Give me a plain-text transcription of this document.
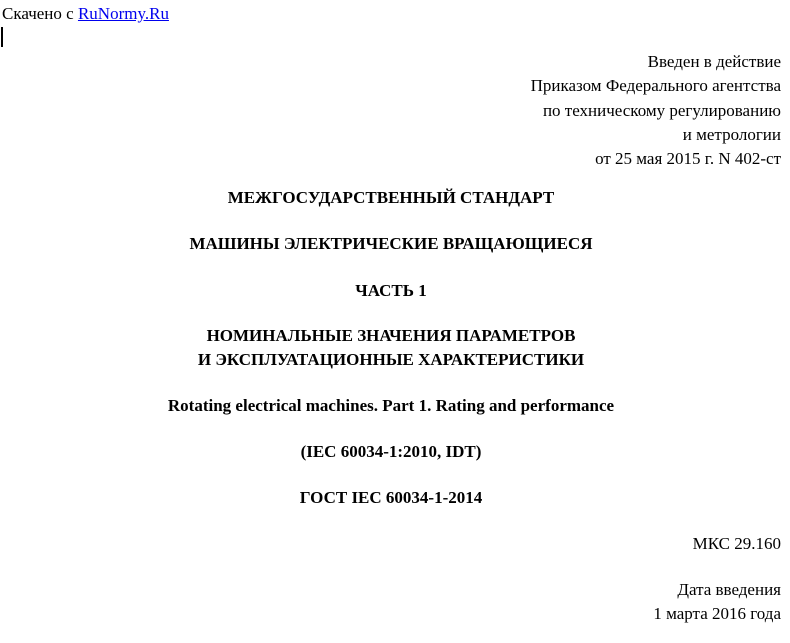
Скачено с RuNormy.Ru
Введен в действие
Приказом Федерального агентства
по техническому регулированию
и метрологии
от 25 мая 2015 г. N 402-ст
МЕЖГОСУДАРСТВЕННЫЙ СТАНДАРТ
МАШИНЫ ЭЛЕКТРИЧЕСКИЕ ВРАЩАЮЩИЕСЯ
ЧАСТЬ 1
НОМИНАЛЬНЫЕ ЗНАЧЕНИЯ ПАРАМЕТРОВ
И ЭКСПЛУАТАЦИОННЫЕ ХАРАКТЕРИСТИКИ
Rotating electrical machines. Part 1. Rating and performance
(IEC 60034-1:2010, IDT)
ГОСТ IEC 60034-1-2014
МКС 29.160
Дата введения
1 марта 2016 года
